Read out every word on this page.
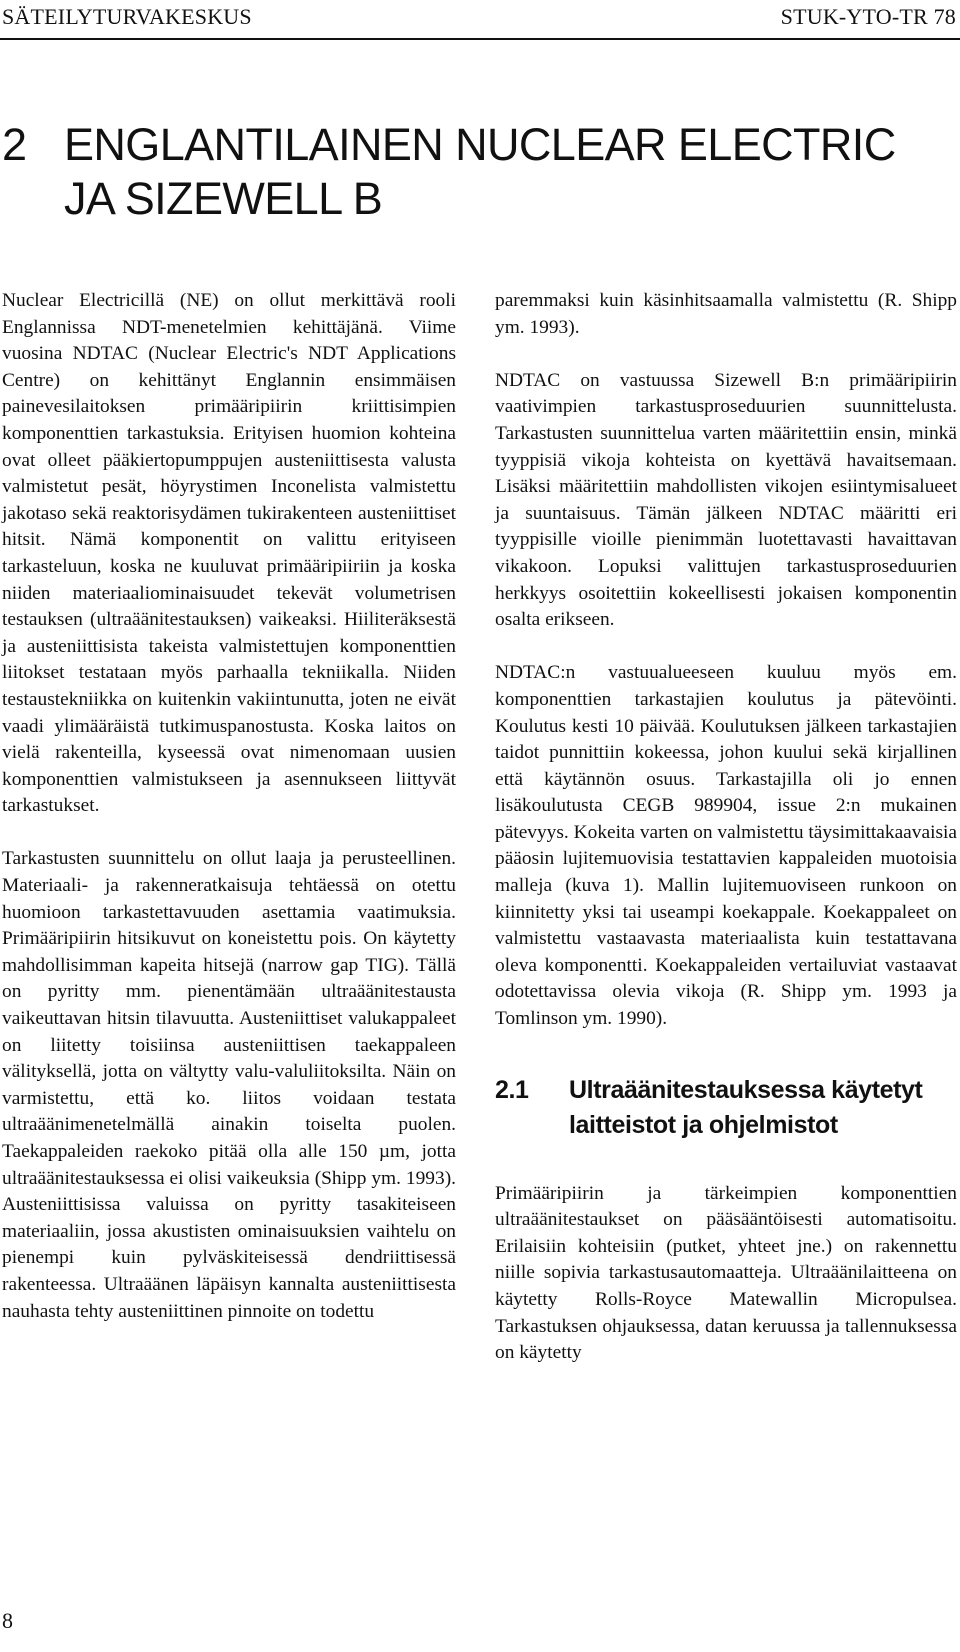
SÄTEILYTURVAKESKUS	STUK-YTO-TR 78
2 ENGLANTILAINEN NUCLEAR ELECTRIC
JA SIZEWELL B

Nuclear Electricillä (NE) on ollut merkittävä rooli Englannissa NDT-menetelmien kehittäjänä. Viime vuosina NDTAC (Nuclear Electric's NDT Applications Centre) on kehittänyt Englannin ensimmäisen painevesilaitoksen primääripiirin kriittisimpien komponenttien tarkastuksia. Erityisen huomion kohteina ovat olleet pääkiertopumppujen austeniittisesta valusta valmistetut pesät, höyrystimen Inconelista valmistettu jakotaso sekä reaktorisydämen tukirakenteen austeniittiset hitsit. Nämä komponentit on valittu erityiseen tarkasteluun, koska ne kuuluvat primääripiiriin ja koska niiden materiaaliominaisuudet tekevät volumetrisen testauksen (ultraäänitestauksen) vaikeaksi. Hiiliteräksestä ja austeniittisista takeista valmistettujen komponenttien liitokset testataan myös parhaalla tekniikalla. Niiden testaustekniikka on kuitenkin vakiintunutta, joten ne eivät vaadi ylimääräistä tutkimuspanostusta. Koska laitos on vielä rakenteilla, kyseessä ovat nimenomaan uusien komponenttien valmistukseen ja asennukseen liittyvät tarkastukset.

Tarkastusten suunnittelu on ollut laaja ja perusteellinen. Materiaali- ja rakenneratkaisuja tehtäessä on otettu huomioon tarkastettavuuden asettamia vaatimuksia. Primääripiirin hitsikuvut on koneistettu pois. On käytetty mahdollisimman kapeita hitsejä (narrow gap TIG). Tällä on pyritty mm. pienentämään ultraäänitestausta vaikeuttavan hitsin tilavuutta. Austeniittiset valukappaleet on liitetty toisiinsa austeniittisen taekappaleen välityksellä, jotta on vältytty valu-valuliitoksilta. Näin on varmistettu, että ko. liitos voidaan testata ultraäänimenetelmällä ainakin toiselta puolen. Taekappaleiden raekoko pitää olla alle 150 µm, jotta ultraäänitestauksessa ei olisi vaikeuksia (Shipp ym. 1993). Austeniittisissa valuissa on pyritty tasakiteiseen materiaaliin, jossa akustisten ominaisuuksien vaihtelu on pienempi kuin pylväskiteisessä dendriittisessä rakenteessa. Ultraäänen läpäisyn kannalta austeniittisesta nauhasta tehty austeniittinen pinnoite on todettu

paremmaksi kuin käsinhitsaamalla valmistettu (R. Shipp ym. 1993).

NDTAC on vastuussa Sizewell B:n primääripiirin vaativimpien tarkastusproseduurien suunnittelusta. Tarkastusten suunnittelua varten määritettiin ensin, minkä tyyppisiä vikoja kohteista on kyettävä havaitsemaan. Lisäksi määritettiin mahdollisten vikojen esiintymisalueet ja suuntaisuus. Tämän jälkeen NDTAC määritti eri tyyppisille vioille pienimmän luotettavasti havaittavan vikakoon. Lopuksi valittujen tarkastusproseduurien herkkyys osoitettiin kokeellisesti jokaisen komponentin osalta erikseen.

NDTAC:n vastuualueeseen kuuluu myös em. komponenttien tarkastajien koulutus ja pätevöinti. Koulutus kesti 10 päivää. Koulutuksen jälkeen tarkastajien taidot punnittiin kokeessa, johon kuului sekä kirjallinen että käytännön osuus. Tarkastajilla oli jo ennen lisäkoulutusta CEGB 989904, issue 2:n mukainen pätevyys. Kokeita varten on valmistettu täysimittakaavaisia pääosin lujitemuovisia testattavien kappaleiden muotoisia malleja (kuva 1). Mallin lujitemuoviseen runkoon on kiinnitetty yksi tai useampi koekappale. Koekappaleet on valmistettu vastaavasta materiaalista kuin testattavana oleva komponentti. Koekappaleiden vertailuviat vastaavat odotettavissa olevia vikoja (R. Shipp ym. 1993 ja Tomlinson ym. 1990).

2.1	Ultraäänitestauksessa käytetyt laitteistot ja ohjelmistot

Primääripiirin ja tärkeimpien komponenttien ultraäänitestaukset on pääsääntöisesti automatisoitu. Erilaisiin kohteisiin (putket, yhteet jne.) on rakennettu niille sopivia tarkastusautomaatteja. Ultraäänilaitteena on käytetty Rolls-Royce Matewallin Micropulsea. Tarkastuksen ohjauksessa, datan keruussa ja tallennuksessa on käytetty

8
